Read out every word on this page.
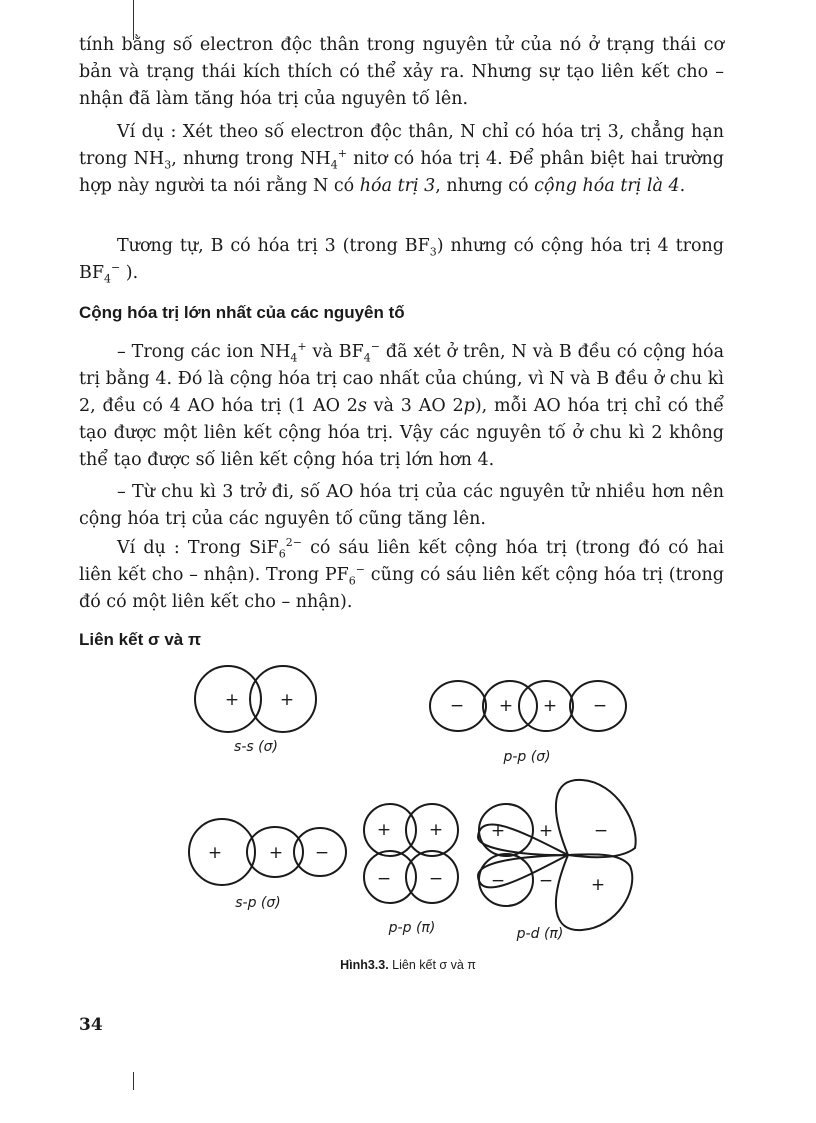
tính bằng số electron độc thân trong nguyên tử của nó ở trạng thái cơ bản và trạng thái kích thích có thể xảy ra. Nhưng sự tạo liên kết cho – nhận đã làm tăng hóa trị của nguyên tố lên.

Ví dụ : Xét theo số electron độc thân, N chỉ có hóa trị 3, chẳng hạn trong $NH_3$, nhưng trong $NH_4^+$ nitơ có hóa trị 4. Để phân biệt hai trường hợp này người ta nói rằng N có hóa trị 3, nhưng có cộng hóa trị là 4.

Tương tự, B có hóa trị 3 (trong $BF_3$) nhưng có cộng hóa trị 4 trong $BF_4^-$ ).

Cộng hóa trị lớn nhất của các nguyên tố

– Trong các ion $NH_4^+$ và $BF_4^-$ đã xét ở trên, N và B đều có cộng hóa trị bằng 4. Đó là cộng hóa trị cao nhất của chúng, vì N và B đều ở chu kì 2, đều có 4 AO hóa trị (1 AO 2s và 3 AO 2p), mỗi AO hóa trị chỉ có thể tạo được một liên kết cộng hóa trị. Vậy các nguyên tố ở chu kì 2 không thể tạo được số liên kết cộng hóa trị lớn hơn 4.

– Từ chu kì 3 trở đi, số AO hóa trị của các nguyên tử nhiều hơn nên cộng hóa trị của các nguyên tố cũng tăng lên.

Ví dụ : Trong SiF$_6^{2-}$ có sáu liên kết cộng hóa trị (trong đó có hai liên kết cho – nhận). Trong $PF_6^-$ cũng có sáu liên kết cộng hóa trị (trong đó có một liên kết cho – nhận).

Liên kết σ và π
+ +	− + + −
+	+ −
+ +
− −
+ +
− −
−
+
s-s (σ)
p-p (σ)
s-p (σ)
p-p (π)	p-d (π)

Hình3.3. Liên kết σ và π

34
